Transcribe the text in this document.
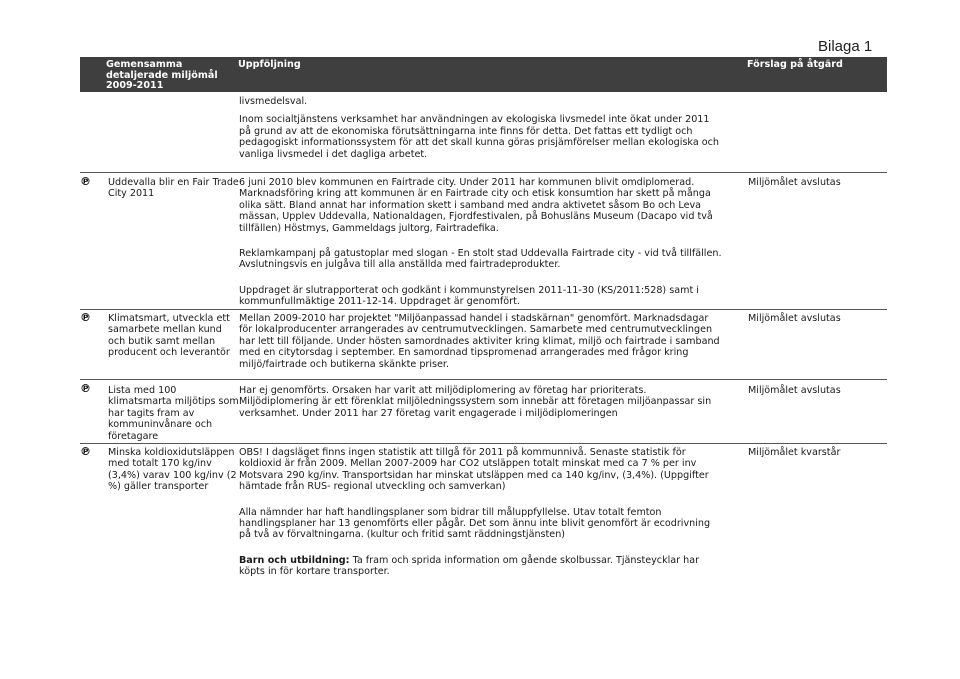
Bilaga 1
Gemensamma detaljerade miljömål 2009-2011
Uppföljning	Förslag på åtgärd

livsmedelsval.

Inom socialtjänstens verksamhet har användningen av ekologiska livsmedel inte ökat under 2011 på grund av att de ekonomiska förutsättningarna inte finns för detta. Det fattas ett tydligt och pedagogiskt informationssystem för att det skall kunna göras prisjämförelser mellan ekologiska och vanliga livsmedel i det dagliga arbetet.

℗ Uddevalla blir en Fair Trade City 2011

6 juni 2010 blev kommunen en Fairtrade city. Under 2011 har kommunen blivit omdiplomerad. Marknadsföring kring att kommunen är en Fairtrade city och etisk konsumtion har skett på många olika sätt. Bland annat har information skett i samband med andra aktivetet såsom Bo och Leva mässan, Upplev Uddevalla, Nationaldagen, Fjordfestivalen, på Bohusläns Museum (Dacapo vid två tillfällen) Höstmys, Gammeldags jultorg, Fairtradefika.

Reklamkampanj på gatustoplar med slogan - En stolt stad Uddevalla Fairtrade city - vid två tillfällen. Avslutningsvis en julgåva till alla anställda med fairtradeprodukter.

Uppdraget är slutrapporterat och godkänt i kommunstyrelsen 2011-11-30 (KS/2011:528) samt i kommunfullmäktige 2011-12-14. Uppdraget är genomfört.

Miljömålet avslutas
℗ Klimatsmart, utveckla ett samarbete mellan kund och butik samt mellan producent och leverantör

Mellan 2009-2010 har projektet "Miljöanpassad handel i stadskärnan" genomfört. Marknadsdagar för lokalproducenter arrangerades av centrumutvecklingen. Samarbete med centrumutvecklingen har lett till följande. Under hösten samordnades aktiviter kring klimat, miljö och fairtrade i samband med en citytorsdag i september. En samordnad tipspromenad arrangerades med frågor kring miljö/fairtrade och butikerna skänkte priser.

Miljömålet avslutas
℗ Lista med 100 klimatsmarta miljötips som har tagits fram av kommuninvånare och företagare

Har ej genomförts. Orsaken har varit att miljödiplomering av företag har prioriterats. Miljödiplomering är ett förenklat miljöledningssystem som innebär att företagen miljöanpassar sin verksamhet. Under 2011 har 27 företag varit engagerade i miljödiplomeringen

Miljömålet avslutas
℗ Minska koldioxidutsläppen med totalt 170 kg/inv (3,4%) varav 100 kg/inv (2 %) gäller transporter

OBS! I dagsläget finns ingen statistik att tillgå för 2011 på kommunnivå. Senaste statistik för koldioxid är från 2009. Mellan 2007-2009 har CO2 utsläppen totalt minskat med ca 7 % per inv Motsvara 290 kg/inv. Transportsidan har minskat utsläppen med ca 140 kg/inv, (3,4%). (Uppgifter hämtade från RUS- regional utveckling och samverkan)

Alla nämnder har haft handlingsplaner som bidrar till måluppfyllelse. Utav totalt femton handlingsplaner har 13 genomförts eller pågår. Det som ännu inte blivit genomfört är ecodrivning på två av förvaltningarna. (kultur och fritid samt räddningstjänsten)

Barn och utbildning: Ta fram och sprida information om gående skolbussar. Tjänsteycklar har köpts in för kortare transporter.

Miljömålet kvarstår
